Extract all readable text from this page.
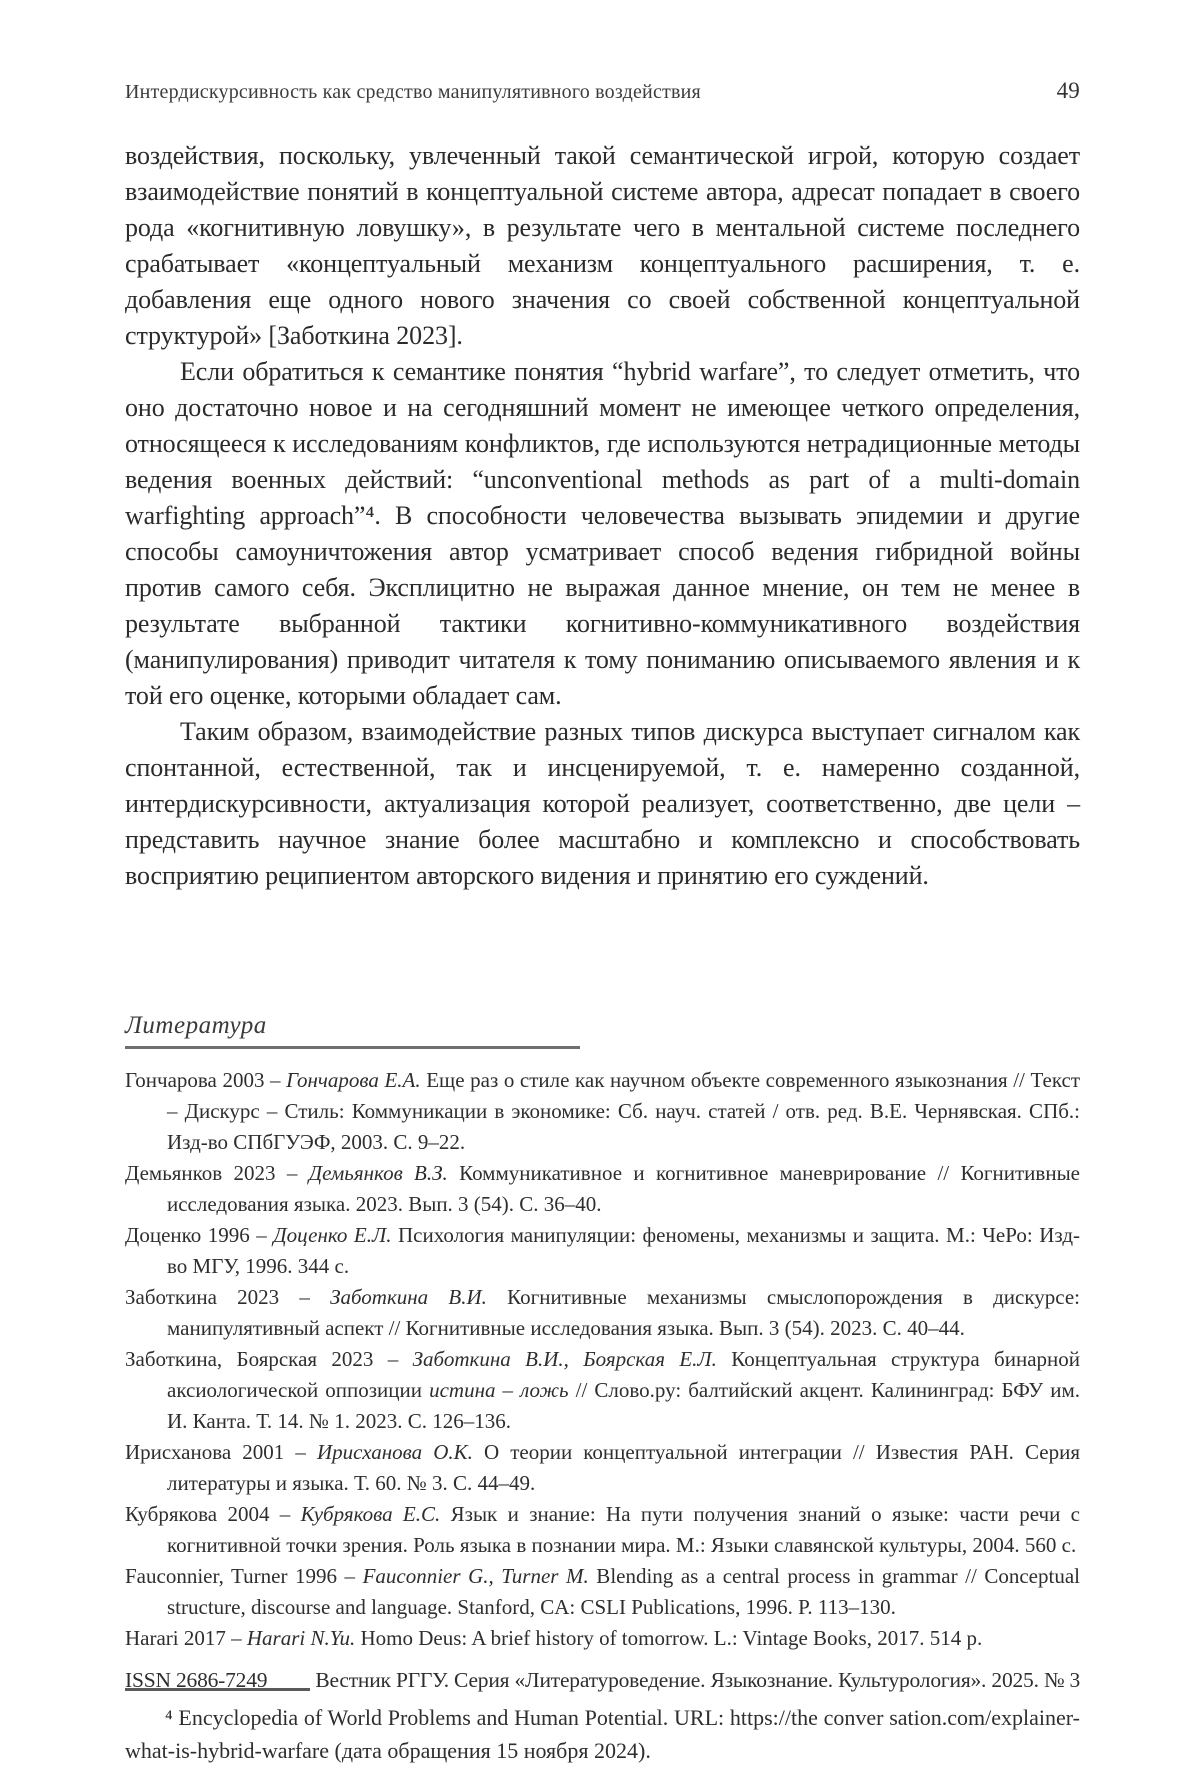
Интердискурсивность как средство манипулятивного воздействия	49

воздействия, поскольку, увлеченный такой семантической игрой, которую создает взаимодействие понятий в концептуальной системе автора, адресат попадает в своего рода «когнитивную ловушку», в результате чего в ментальной системе последнего срабатывает «концептуальный механизм концептуального расширения, т. е. добавления еще одного нового значения со своей собственной концептуальной структурой» [Заботкина 2023].

Если обратиться к семантике понятия “hybrid warfare”, то следует отметить, что оно достаточно новое и на сегодняшний момент не имеющее четкого определения, относящееся к исследованиям конфликтов, где используются нетрадиционные методы ведения военных действий: “unconventional methods as part of a multi-domain warfighting approach”⁴. В способности человечества вызывать эпидемии и другие способы самоуничтожения автор усматривает способ ведения гибридной войны против самого себя. Эксплицитно не выражая данное мнение, он тем не менее в результате выбранной тактики когнитивно-коммуникативного воздействия (манипулирования) приводит читателя к тому пониманию описываемого явления и к той его оценке, которыми обладает сам.

Таким образом, взаимодействие разных типов дискурса выступает сигналом как спонтанной, естественной, так и инсценируемой, т. е. намеренно созданной, интердискурсивности, актуализация которой реализует, соответственно, две цели – представить научное знание более масштабно и комплексно и способствовать восприятию реципиентом авторского видения и принятию его суждений.

Литература
Гончарова 2003 – Гончарова Е.А. Еще раз о стиле как научном объекте современного языкознания // Текст – Дискурс – Стиль: Коммуникации в экономике: Сб. науч. статей / отв. ред. В.Е. Чернявская. СПб.: Изд-во СПбГУЭФ, 2003. С. 9–22.
Демьянков 2023 – Демьянков В.З. Коммуникативное и когнитивное маневрирование // Когнитивные исследования языка. 2023. Вып. 3 (54). С. 36–40.
Доценко 1996 – Доценко Е.Л. Психология манипуляции: феномены, механизмы и защита. М.: ЧеРо: Изд-во МГУ, 1996. 344 с.
Заботкина 2023 – Заботкина В.И. Когнитивные механизмы смыслопорождения в дискурсе: манипулятивный аспект // Когнитивные исследования языка. Вып. 3 (54). 2023. С. 40–44.
Заботкина, Боярская 2023 – Заботкина В.И., Боярская Е.Л. Концептуальная структура бинарной аксиологической оппозиции истина – ложь // Слово.ру: балтийский акцент. Калининград: БФУ им. И. Канта. Т. 14. № 1. 2023. С. 126–136.
Ирисханова 2001 – Ирисханова О.К. О теории концептуальной интеграции // Известия РАН. Серия литературы и языка. Т. 60. № 3. С. 44–49.
Кубрякова 2004 – Кубрякова Е.С. Язык и знание: На пути получения знаний о языке: части речи с когнитивной точки зрения. Роль языка в познании мира. М.: Языки славянской культуры, 2004. 560 с.
Fauconnier, Turner 1996 – Fauconnier G., Turner M. Blending as a central process in grammar // Conceptual structure, discourse and language. Stanford, CA: CSLI Publications, 1996. P. 113–130.
Harari 2017 – Harari N.Yu. Homo Deus: A brief history of tomorrow. L.: Vintage Books, 2017. 514 p.

⁴ Encyclopedia of World Problems and Human Potential. URL: https://the conver sation.com/explainer-what-is-hybrid-warfare (дата обращения 15 ноября 2024).

ISSN 2686-7249 Вестник РГГУ. Серия «Литературоведение. Языкознание. Культурология». 2025. № 3
